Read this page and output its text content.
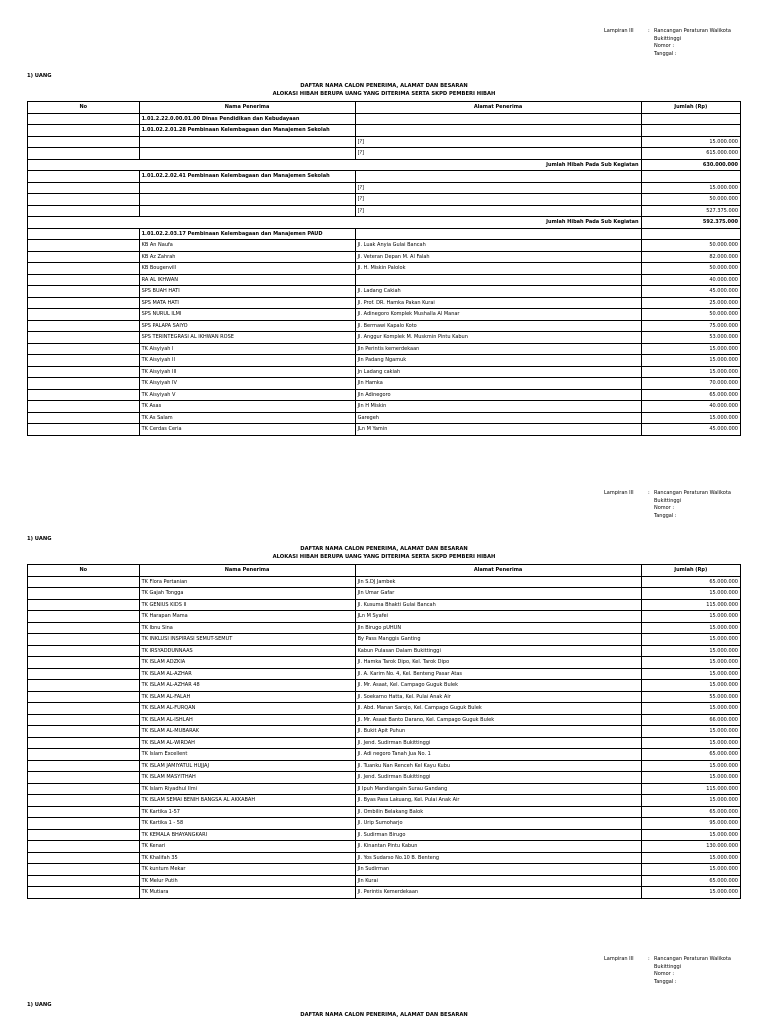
Lampiran III	: Rancangan Peraturan Walikota
Bukittinggi
Nomor :
Tanggal :
1) UANG
DAFTAR NAMA CALON PENERIMA, ALAMAT DAN BESARAN
ALOKASI HIBAH BERUPA UANG YANG DITERIMA SERTA SKPD PEMBERI HIBAH
No	Nama Penerima	Alamat Penerima	Jumlah (Rp)
	1.01.2.22.0.00.01.00 Dinas Pendidikan dan Kebudayaan		
	1.01.02.2.01.28 Pembinaan Kelembagaan dan Manajemen Sekolah		
		[?]	15.000.000
		[?]	615.000.000
Jumlah Hibah Pada Sub Kegiatan			630.000.000
	1.01.02.2.02.41 Pembinaan Kelembagaan dan Manajemen Sekolah		
		[?]	15.000.000
		[?]	50.000.000
		[?]	527.375.000
Jumlah Hibah Pada Sub Kegiatan			592.375.000
	1.01.02.2.03.17 Pembinaan Kelembagaan dan Manajemen PAUD		
	KB An Naufa	Jl. Luak Anyia Gulai Bancah	50.000.000
	KB Az Zahrah	Jl. Veteran Depan M. Al Falah	82.000.000
	KB Bougenvill	Jl. H. Miskin Palolok	50.000.000
	RA AL IKHWAN		40.000.000
	SPS BUAH HATI	Jl. Ladang Cakiah	45.000.000
	SPS MATA HATI	Jl. Prof. DR. Hamka Pakan Kurai	25.000.000
	SPS NURUL ILMI	Jl. Adinegoro Komplek Mushalla Al Manar	50.000.000
	SPS PALAPA SAIYO	Jl. Bermawi Kapalo Koto	75.000.000
	SPS TERINTEGRASI AL IKHWAN ROSE	Jl. Anggur Komplek M. Muskmin Pintu Kabun	53.000.000
	TK Aisyiyah I	Jln Perintis kemerdekaan	15.000.000
	TK Aisyiyah II	Jln Padang Ngamuk	15.000.000
	TK Aisyiyah III	Jn Ladang cakiah	15.000.000
	TK Aisyiyah IV	Jln Hamka	70.000.000
	TK Aisyiyah V	Jln Adinegoro	65.000.000
	TK Asas	Jln H Miskin	40.000.000
	TK As Salam	Garegeh	15.000.000
	TK Cerdas Ceria	JLn M Yamin	45.000.000
Lampiran III	: Rancangan Peraturan Walikota
Bukittinggi
Nomor :
Tanggal :
1) UANG
DAFTAR NAMA CALON PENERIMA, ALAMAT DAN BESARAN
ALOKASI HIBAH BERUPA UANG YANG DITERIMA SERTA SKPD PEMBERI HIBAH
No	Nama Penerima	Alamat Penerima	Jumlah (Rp)
	TK Flora Pertanian	Jln S.DJ Jambek	65.000.000
	TK Gajah Tongga	Jln Umar Gafar	15.000.000
	TK GENIUS KIDS II	Jl. Kusuma Bhakti Gulai Bancah	115.000.000
	TK Harapan Mama	JLn M Syafei	15.000.000
	TK Ibnu Sina	Jln Birugo pUHUN	15.000.000
	TK INKLUSI INSPIRASI SEMUT-SEMUT	By Pass Manggis Ganting	15.000.000
	TK IRSYADDUNNAAS	Kabun Pulasan Dalam Bukittinggi	15.000.000
	TK ISLAM ADZKIA	Jl. Hamka Tarok Dipo, Kel. Tarok Dipo	15.000.000
	TK ISLAM AL-AZHAR	Jl. A. Karim No. 4, Kel. Benteng Pasar Atas	15.000.000
	TK ISLAM AL-AZHAR 48	Jl. Mr. Asaat, Kel. Campago Guguk Bulek	15.000.000
	TK ISLAM AL-FALAH	Jl. Soekarno Hatta, Kel. Pulai Anak Air	55.000.000
	TK ISLAM AL-FURQAN	Jl. Abd. Manan Sarojo, Kel. Campago Guguk Bulek	15.000.000
	TK ISLAM AL-ISHLAH	Jl. Mr. Asaat Banto Darano, Kel. Campago Guguk Bulek	66.000.000
	TK ISLAM AL-MUBARAK	Jl. Bukit Apit Puhun	15.000.000
	TK ISLAM AL-WIRDAH	Jl. Jend. Sudirman Bukittinggi	15.000.000
	TK Islam Excellent	Jl. Adi negoro Tanah Jua No. 1	65.000.000
	TK ISLAM JAMIYATUL HUJJAJ	Jl. Tuanku Nan Renceh Kel Kayu Kubu	15.000.000
	TK ISLAM MASYITHAH	Jl. Jend. Sudirman Bukittinggi	15.000.000
	TK Islam Riyadhul Ilmi	Jl Ipuh Mandiangain Surau Gandang	115.000.000
	TK ISLAM SEMAI BENIH BANGSA AL AKKABAH	Jl. Byas Pass Lakuang, Kel. Pulai Anak Air	15.000.000
	TK Kartika 1-57	Jl. Ombilin Belakang Balok	65.000.000
	TK Kartika 1 - 58	Jl. Urip Sumoharjo	95.000.000
	TK KEMALA BHAYANGKARI	Jl. Sudirman Birugo	15.000.000
	TK Kenari	Jl. Kinantan Pintu Kabun	130.000.000
	TK Khalifah 35	Jl. Yos Sudarso No.10 B. Benteng	15.000.000
	TK kuntum Mekar	Jln Sudirman	15.000.000
	TK Melur Putih	Jln Kurai	65.000.000
	TK Mutiara	Jl. Perintis Kemerdekaan	15.000.000
Lampiran III	: Rancangan Peraturan Walikota
Bukittinggi
Nomor :
Tanggal :
1) UANG
DAFTAR NAMA CALON PENERIMA, ALAMAT DAN BESARAN
